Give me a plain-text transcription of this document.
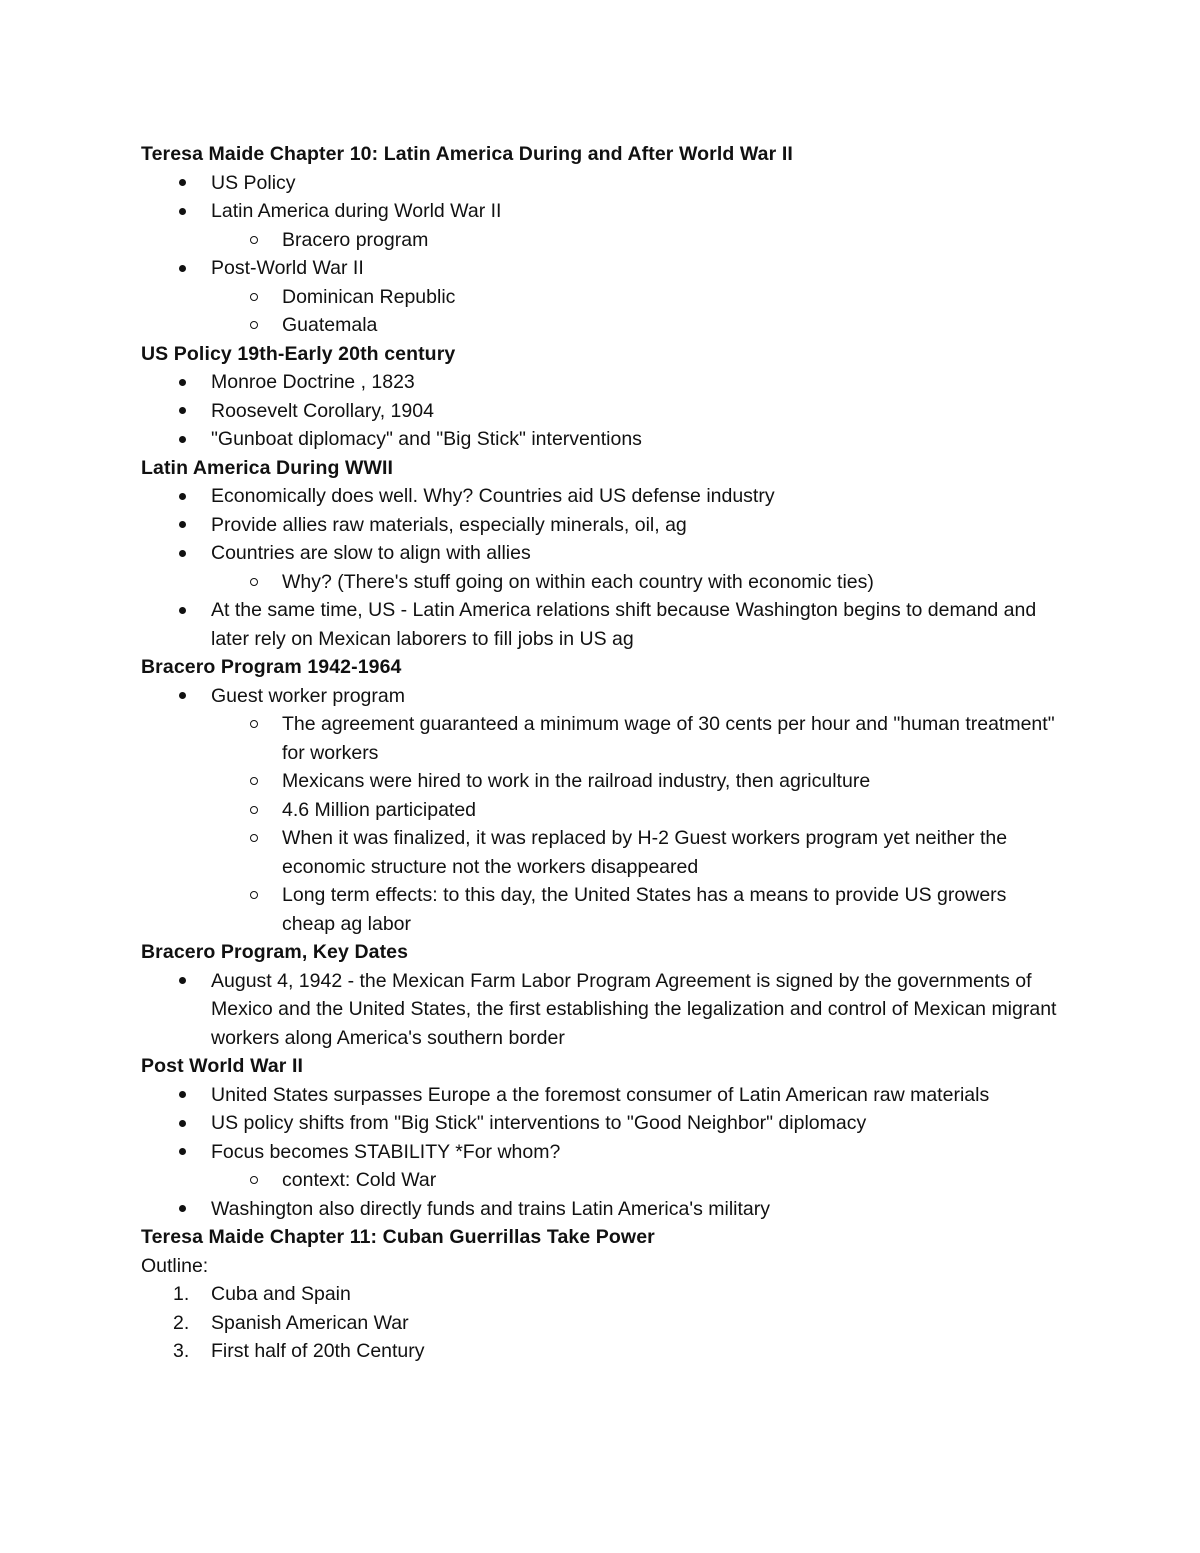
Teresa Maide Chapter 10: Latin America During and After World War II
US Policy
Latin America during World War II
Bracero program
Post-World War II
Dominican Republic
Guatemala
US Policy 19th-Early 20th century
Monroe Doctrine , 1823
Roosevelt Corollary, 1904
"Gunboat diplomacy" and "Big Stick" interventions
Latin America During WWII
Economically does well. Why? Countries aid US defense industry
Provide allies raw materials, especially minerals, oil, ag
Countries are slow to align with allies
Why? (There's stuff going on within each country with economic ties)
At the same time, US - Latin America relations shift because Washington begins to demand and later rely on Mexican laborers to fill jobs in US ag
Bracero Program 1942-1964
Guest worker program
The agreement guaranteed a minimum wage of 30 cents per hour and "human treatment" for workers
Mexicans were hired to work in the railroad industry, then agriculture
4.6 Million participated
When it was finalized, it was replaced by H-2 Guest workers program yet neither the economic structure not the workers disappeared
Long term effects: to this day, the United States has a means to provide US growers cheap ag labor
Bracero Program, Key Dates
August 4, 1942 - the Mexican Farm Labor Program Agreement is signed by the governments of Mexico and the United States, the first establishing the legalization and control of Mexican migrant workers along America's southern border
Post World War II
United States surpasses Europe a the foremost consumer of Latin American raw materials
US policy shifts from "Big Stick" interventions to "Good Neighbor" diplomacy
Focus becomes STABILITY *For whom?
context: Cold War
Washington also directly funds and trains Latin America's military
Teresa Maide Chapter 11: Cuban Guerrillas Take Power
Outline:
1.	Cuba and Spain
2.	Spanish American War
3.	First half of 20th Century
